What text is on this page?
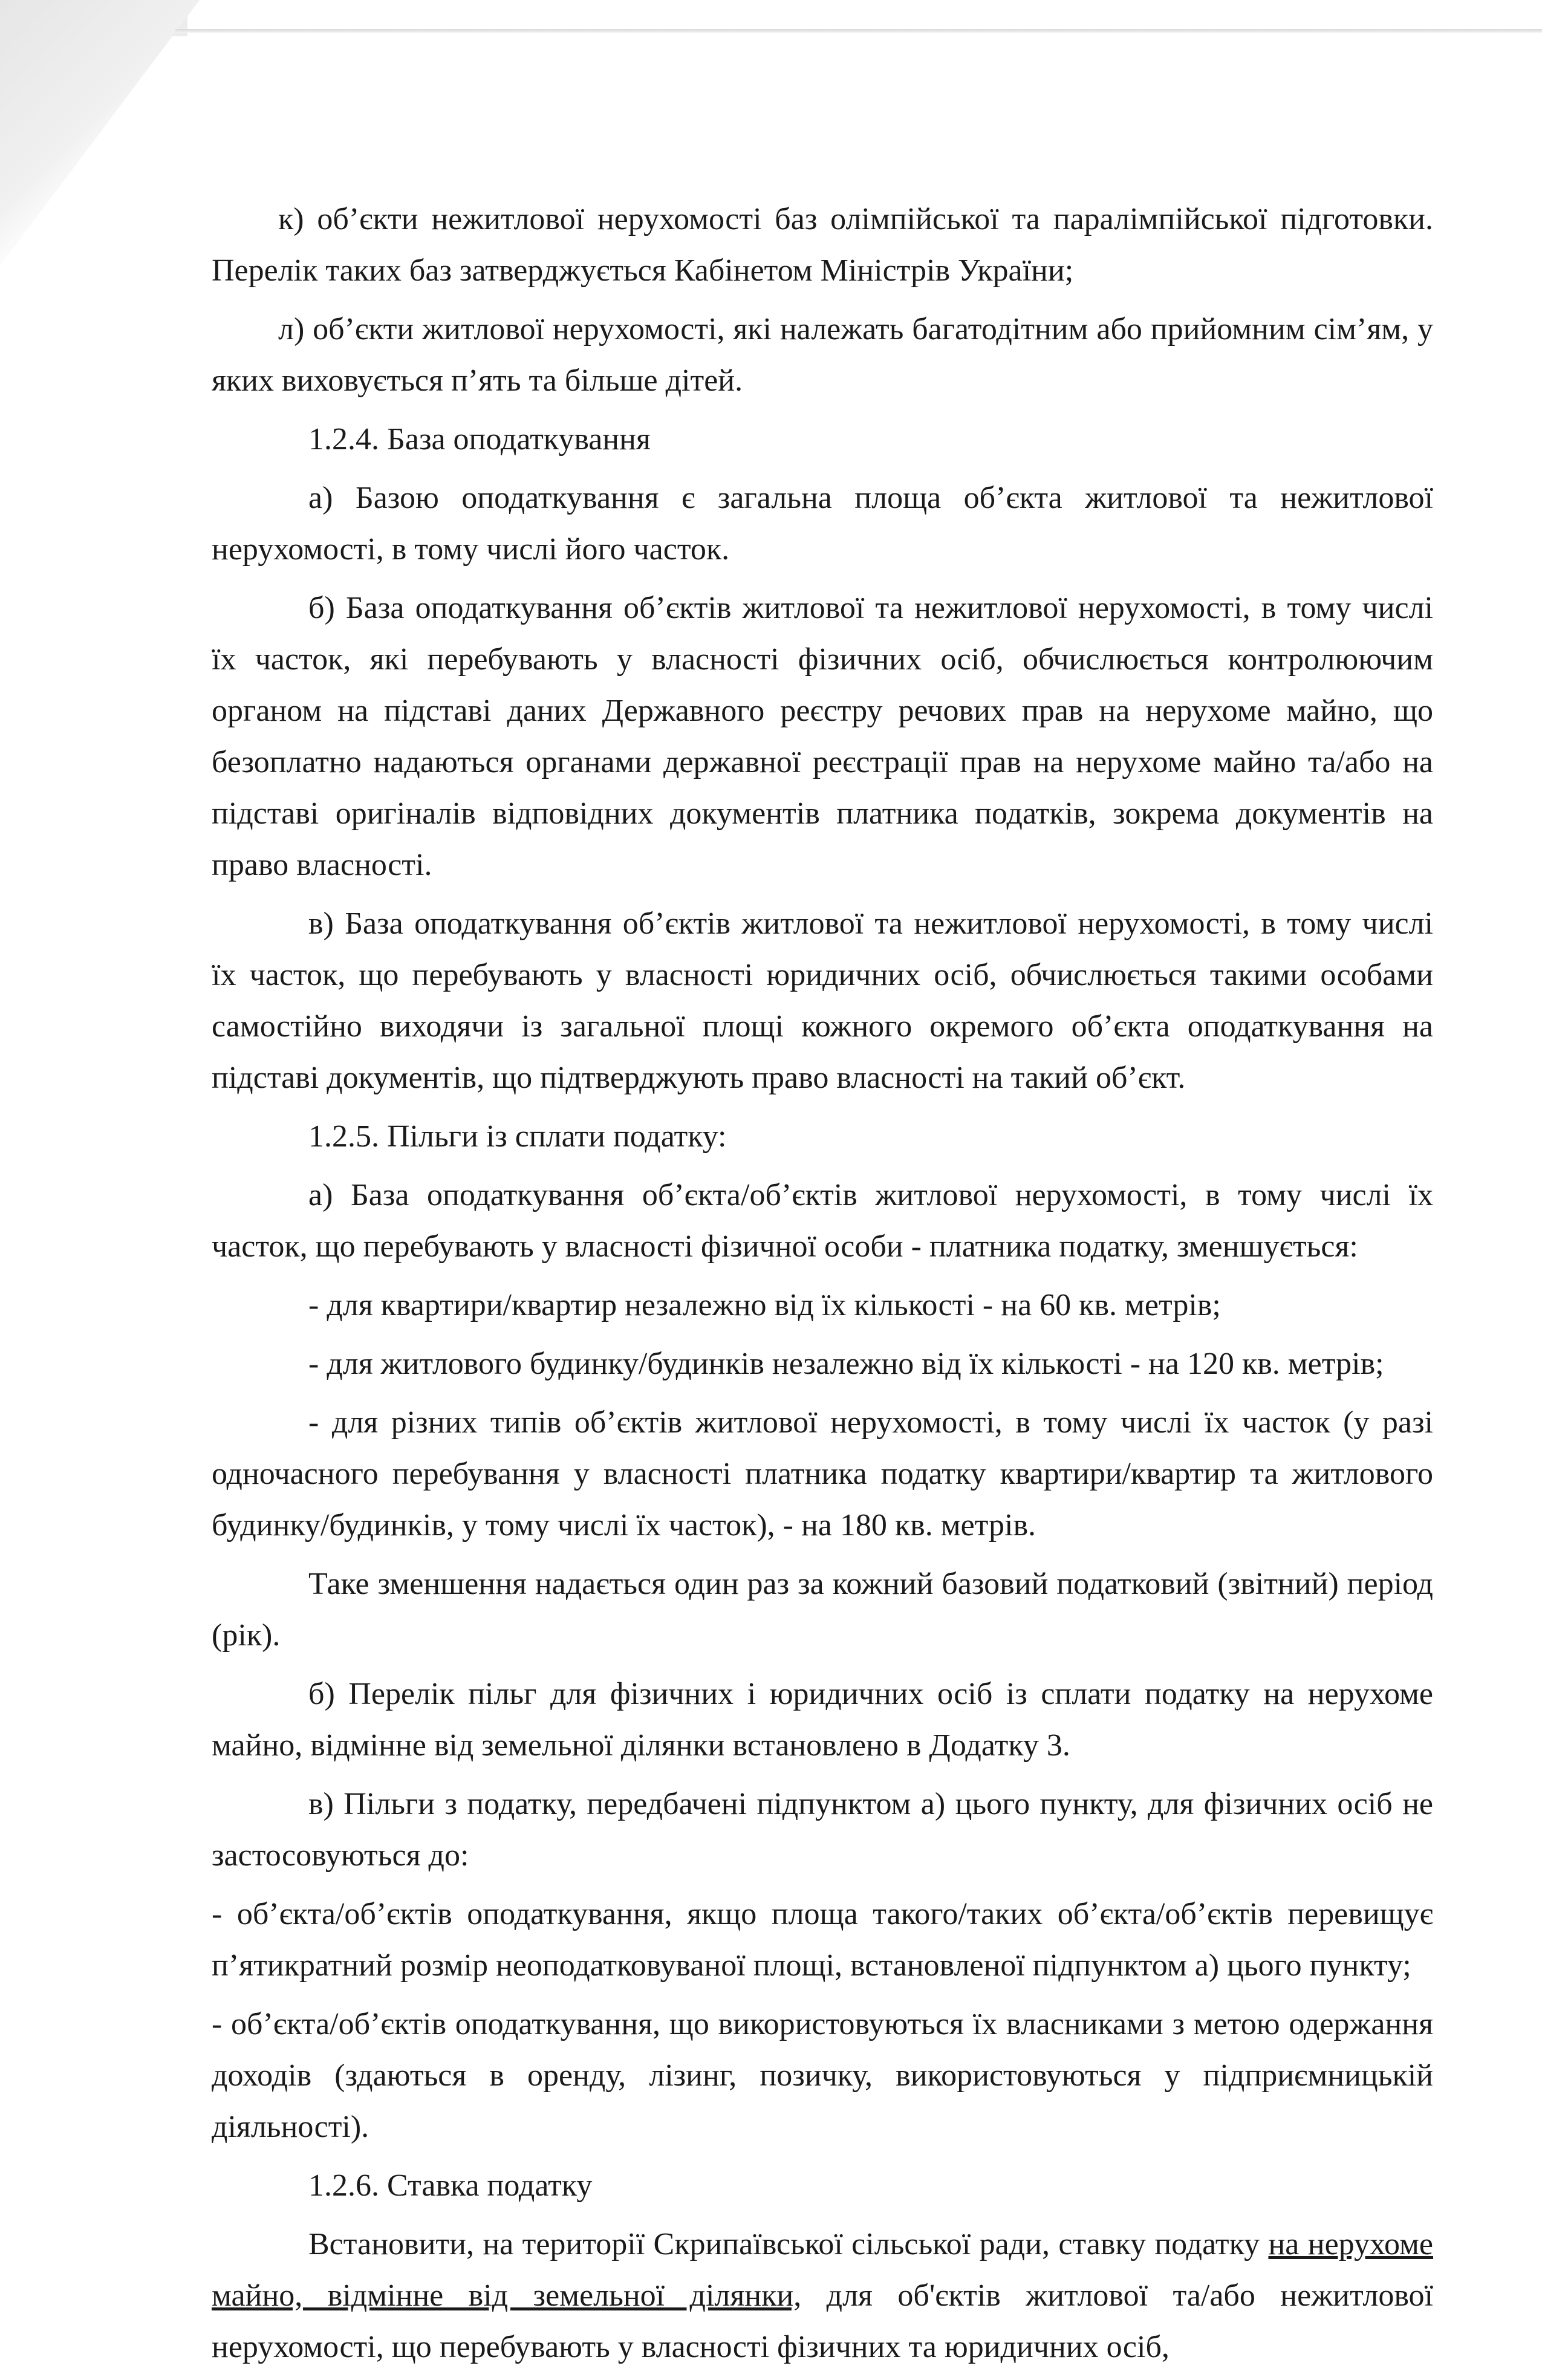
к) об’єкти нежитлової нерухомості баз олімпійської та паралімпійської підготовки. Перелік таких баз затверджується Кабінетом Міністрів України;

л) об’єкти житлової нерухомості, які належать багатодітним або прийомним сім’ям, у яких виховується п’ять та більше дітей.

1.2.4. База оподаткування

а) Базою оподаткування є загальна площа об’єкта житлової та нежитлової нерухомості, в тому числі його часток.

б) База оподаткування об’єктів житлової та нежитлової нерухомості, в тому числі їх часток, які перебувають у власності фізичних осіб, обчислюється контролюючим органом на підставі даних Державного реєстру речових прав на нерухоме майно, що безоплатно надаються органами державної реєстрації прав на нерухоме майно та/або на підставі оригіналів відповідних документів платника податків, зокрема документів на право власності.

в) База оподаткування об’єктів житлової та нежитлової нерухомості, в тому числі їх часток, що перебувають у власності юридичних осіб, обчислюється такими особами самостійно виходячи із загальної площі кожного окремого об’єкта оподаткування на підставі документів, що підтверджують право власності на такий об’єкт.

1.2.5. Пільги із сплати податку:

а) База оподаткування об’єкта/об’єктів житлової нерухомості, в тому числі їх часток, що перебувають у власності фізичної особи - платника податку, зменшується:

- для квартири/квартир незалежно від їх кількості - на 60 кв. метрів;

- для житлового будинку/будинків незалежно від їх кількості - на 120 кв. метрів;

- для різних типів об’єктів житлової нерухомості, в тому числі їх часток (у разі одночасного перебування у власності платника податку квартири/квартир та житлового будинку/будинків, у тому числі їх часток), - на 180 кв. метрів.

Таке зменшення надається один раз за кожний базовий податковий (звітний) період (рік).

б) Перелік пільг для фізичних і юридичних осіб із сплати податку на нерухоме майно, відмінне від земельної ділянки встановлено в Додатку 3.

в) Пільги з податку, передбачені підпунктом а) цього пункту, для фізичних осіб не застосовуються до:

- об’єкта/об’єктів оподаткування, якщо площа такого/таких об’єкта/об’єктів перевищує п’ятикратний розмір неоподатковуваної площі, встановленої підпунктом а) цього пункту;

- об’єкта/об’єктів оподаткування, що використовуються їх власниками з метою одержання доходів (здаються в оренду, лізинг, позичку, використовуються у підприємницькій діяльності).

1.2.6. Ставка податку

Встановити, на території Скрипаївської сільської ради, ставку податку на нерухоме майно, відмінне від земельної ділянки, для об'єктів житлової та/або нежитлової нерухомості, що перебувають у власності фізичних та юридичних осіб,
